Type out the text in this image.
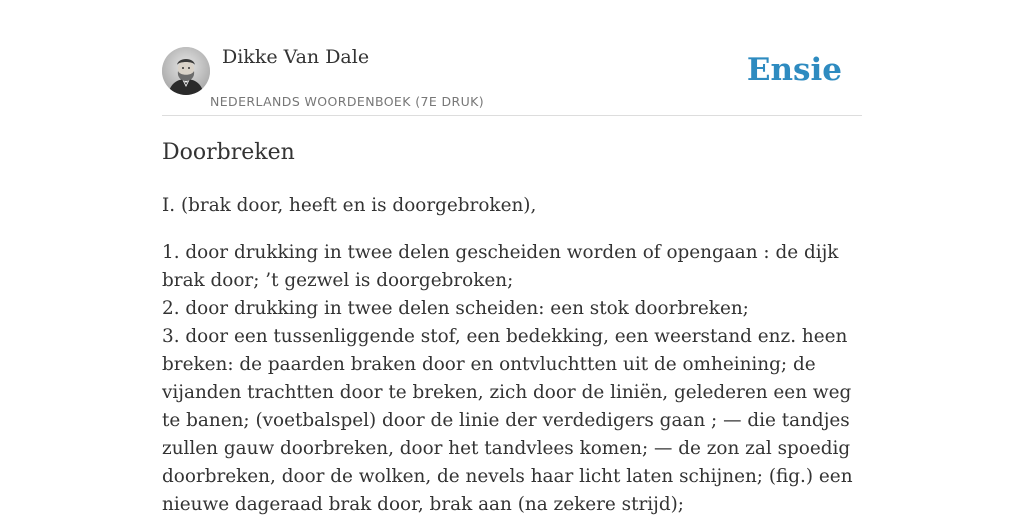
Dikke Van Dale
NEDERLANDS WOORDENBOEK (7E DRUK)
Ensie
Doorbreken

I. (brak door, heeft en is doorgebroken),

1. door drukking in twee delen gescheiden worden of opengaan : de dijk brak door; ’t gezwel is doorgebroken;

2. door drukking in twee delen scheiden: een stok doorbreken;

3. door een tussenliggende stof, een bedekking, een weerstand enz. heen breken: de paarden braken door en ontvluchtten uit de omheining; de vijanden trachtten door te breken, zich door de liniën, gelederen een weg te banen; (voetbalspel) door de linie der verdedigers gaan ; — die tandjes zullen gauw doorbreken, door het tandvlees komen; — de zon zal spoedig doorbreken, door de wolken, de nevels haar licht laten schijnen; (fig.) een nieuwe dageraad brak door, brak aan (na zekere strijd);
